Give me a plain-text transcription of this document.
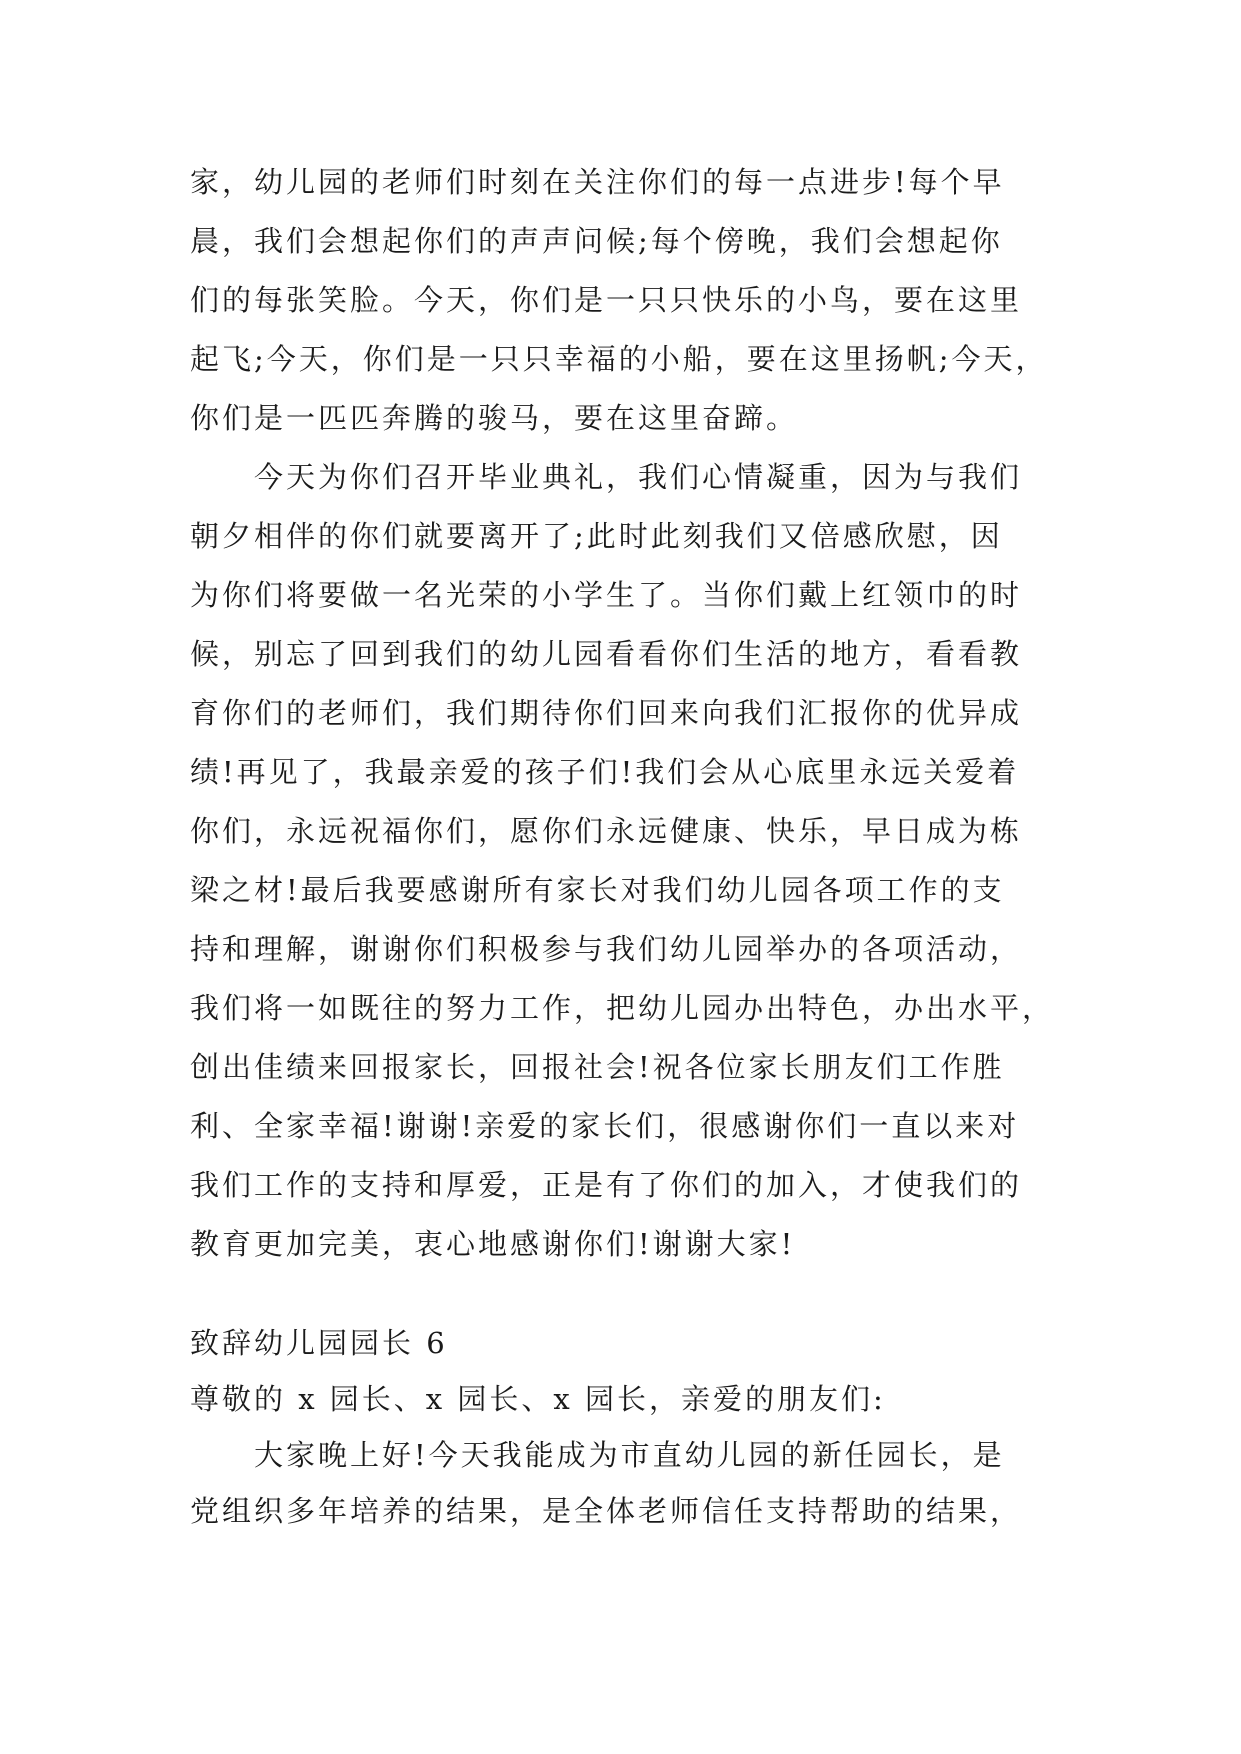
家，幼儿园的老师们时刻在关注你们的每一点进步!每个早
晨，我们会想起你们的声声问候;每个傍晚，我们会想起你
们的每张笑脸。今天，你们是一只只快乐的小鸟，要在这里
起飞;今天，你们是一只只幸福的小船，要在这里扬帆;今天，
你们是一匹匹奔腾的骏马，要在这里奋蹄。
今天为你们召开毕业典礼，我们心情凝重，因为与我们
朝夕相伴的你们就要离开了;此时此刻我们又倍感欣慰，因
为你们将要做一名光荣的小学生了。当你们戴上红领巾的时
候，别忘了回到我们的幼儿园看看你们生活的地方，看看教
育你们的老师们，我们期待你们回来向我们汇报你的优异成
绩!再见了，我最亲爱的孩子们!我们会从心底里永远关爱着
你们，永远祝福你们，愿你们永远健康、快乐，早日成为栋
梁之材!最后我要感谢所有家长对我们幼儿园各项工作的支
持和理解，谢谢你们积极参与我们幼儿园举办的各项活动，
我们将一如既往的努力工作，把幼儿园办出特色，办出水平，
创出佳绩来回报家长，回报社会!祝各位家长朋友们工作胜
利、全家幸福!谢谢!亲爱的家长们，很感谢你们一直以来对
我们工作的支持和厚爱，正是有了你们的加入，才使我们的
教育更加完美，衷心地感谢你们!谢谢大家!
致辞幼儿园园长 6
尊敬的 x 园长、x 园长、x 园长，亲爱的朋友们:
大家晚上好!今天我能成为市直幼儿园的新任园长，是
党组织多年培养的结果，是全体老师信任支持帮助的结果，
